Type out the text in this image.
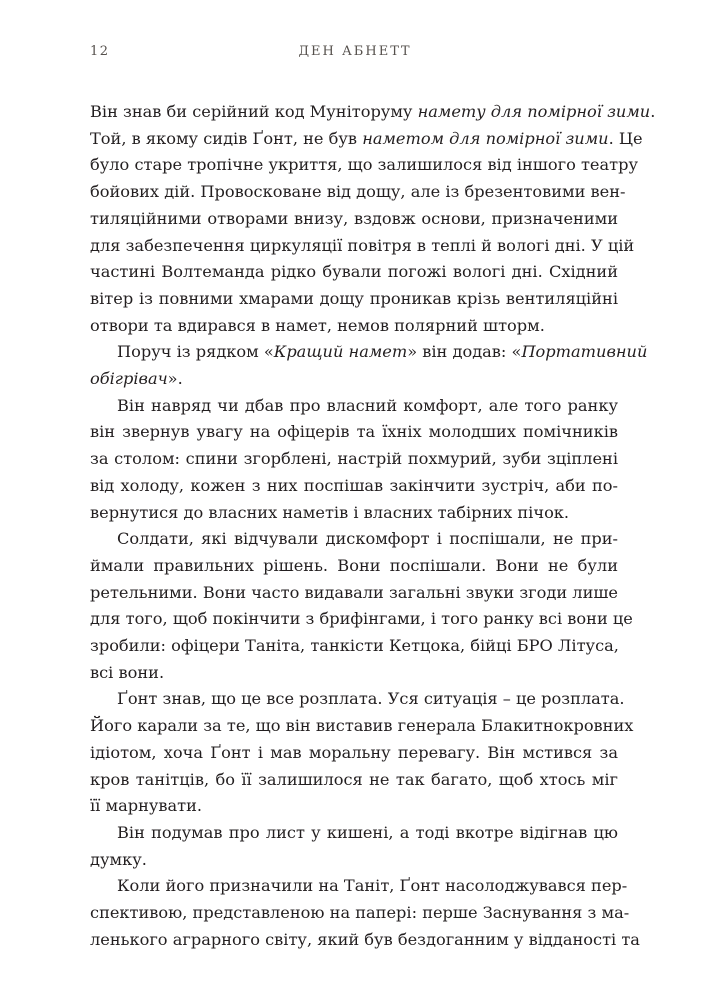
12	ДЕН АБНЕТТ

Він знав би серійний код Муніторуму намету для помірної зими.
Той, в якому сидів Ґонт, не був наметом для помірної зими. Це
було старе тропічне укриття, що залишилося від іншого театру
бойових дій. Провосковане від дощу, але із брезентовими вен-
тиляційними отворами внизу, вздовж основи, призначеними
для забезпечення циркуляції повітря в теплі й вологі дні. У цій
частині Волтеманда рідко бували погожі вологі дні. Східний
вітер із повними хмарами дощу проникав крізь вентиляційні
отвори та вдирався в намет, немов полярний шторм.

Поруч із рядком «Кращий намет» він додав: «Портативний
обігрівач».

Він навряд чи дбав про власний комфорт, але того ранку
він звернув увагу на офіцерів та їхніх молодших помічників
за столом: спини згорблені, настрій похмурий, зуби зціплені
від холоду, кожен з них поспішав закінчити зустріч, аби по-
вернутися до власних наметів і власних табірних пічок.

Солдати, які відчували дискомфорт і поспішали, не при-
ймали правильних рішень. Вони поспішали. Вони не були
ретельними. Вони часто видавали загальні звуки згоди лише
для того, щоб покінчити з брифінгами, і того ранку всі вони це
зробили: офіцери Таніта, танкісти Кетцока, бійці БРО Літуса,
всі вони.

Ґонт знав, що це все розплата. Уся ситуація – це розплата.
Його карали за те, що він виставив генерала Блакитнокровних
ідіотом, хоча Ґонт і мав моральну перевагу. Він мстився за
кров танітців, бо її залишилося не так багато, щоб хтось міг
її марнувати.

Він подумав про лист у кишені, а тоді вкотре відігнав цю
думку.

Коли його призначили на Таніт, Ґонт насолоджувався пер-
спективою, представленою на папері: перше Заснування з ма-
ленького аграрного світу, який був бездоганним у відданості та
